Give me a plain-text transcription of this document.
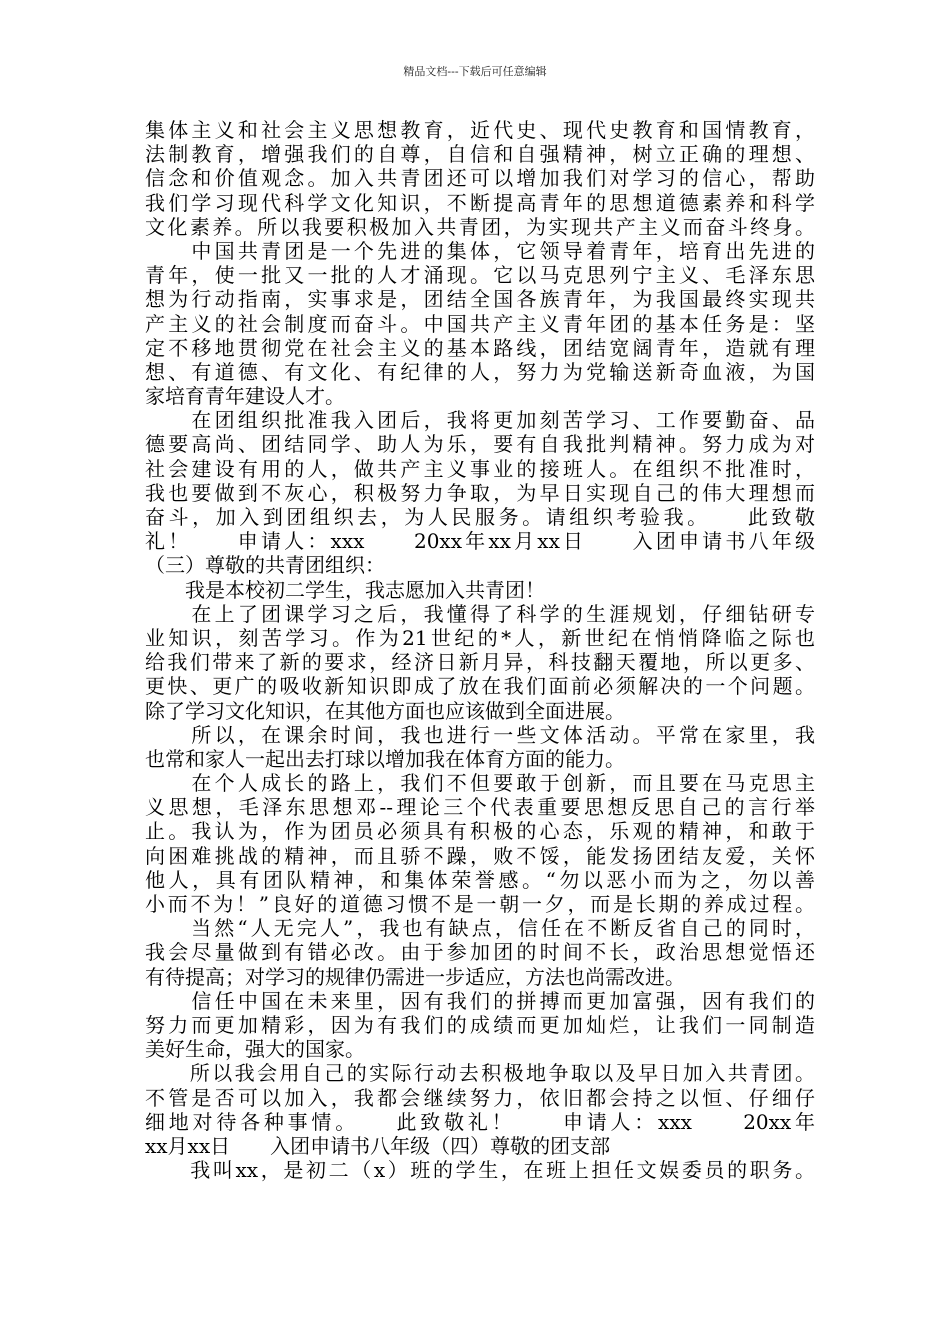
精品文档---下载后可任意编辑
集体主义和社会主义思想教育，近代史、现代史教育和国情教育，
法制教育，增强我们的自尊，自信和自强精神，树立正确的理想、
信念和价值观念。加入共青团还可以增加我们对学习的信心，帮助
我们学习现代科学文化知识，不断提高青年的思想道德素养和科学
文化素养。所以我要积极加入共青团，为实现共产主义而奋斗终身。
　　中国共青团是一个先进的集体，它领导着青年，培育出先进的
青年，使一批又一批的人才涌现。它以马克思列宁主义、毛泽东思
想为行动指南，实事求是，团结全国各族青年，为我国最终实现共
产主义的社会制度而奋斗。中国共产主义青年团的基本任务是：坚
定不移地贯彻党在社会主义的基本路线，团结宽阔青年，造就有理
想、有道德、有文化、有纪律的人，努力为党输送新奇血液，为国
家培育青年建设人才。
　　在团组织批准我入团后，我将更加刻苦学习、工作要勤奋、品
德要高尚、团结同学、助人为乐，要有自我批判精神。努力成为对
社会建设有用的人，做共产主义事业的接班人。在组织不批准时，
我也要做到不灰心，积极努力争取，为早日实现自己的伟大理想而
奋斗，加入到团组织去，为人民服务。请组织考验我。　　此致敬
礼！　　申请人：xxx　　20xx年xx月xx日　　入团申请书八年级
（三）尊敬的共青团组织：
　　我是本校初二学生，我志愿加入共青团！
　　在上了团课学习之后，我懂得了科学的生涯规划，仔细钻研专
业知识，刻苦学习。作为21世纪的*人，新世纪在悄悄降临之际也
给我们带来了新的要求，经济日新月异，科技翻天覆地，所以更多、
更快、更广的吸收新知识即成了放在我们面前必须解决的一个问题。
除了学习文化知识，在其他方面也应该做到全面进展。
　　所以，在课余时间，我也进行一些文体活动。平常在家里，我
也常和家人一起出去打球以增加我在体育方面的能力。
　　在个人成长的路上，我们不但要敢于创新，而且要在马克思主
义思想，毛泽东思想邓--理论三个代表重要思想反思自己的言行举
止。我认为，作为团员必须具有积极的心态，乐观的精神，和敢于
向困难挑战的精神，而且骄不躁，败不馁，能发扬团结友爱，关怀
他人，具有团队精神，和集体荣誉感。“勿以恶小而为之，勿以善
小而不为！”良好的道德习惯不是一朝一夕，而是长期的养成过程。
　　当然“人无完人”，我也有缺点，信任在不断反省自己的同时，
我会尽量做到有错必改。由于参加团的时间不长，政治思想觉悟还
有待提高；对学习的规律仍需进一步适应，方法也尚需改进。
　　信任中国在未来里，因有我们的拼搏而更加富强，因有我们的
努力而更加精彩，因为有我们的成绩而更加灿烂，让我们一同制造
美好生命，强大的国家。
　　所以我会用自己的实际行动去积极地争取以及早日加入共青团。
不管是否可以加入，我都会继续努力，依旧都会持之以恒、仔细仔
细地对待各种事情。　　此致敬礼！　　申请人：xxx　　20xx年
xx月xx日　　入团申请书八年级（四）尊敬的团支部
　　我叫xx，是初二（x）班的学生，在班上担任文娱委员的职务。
